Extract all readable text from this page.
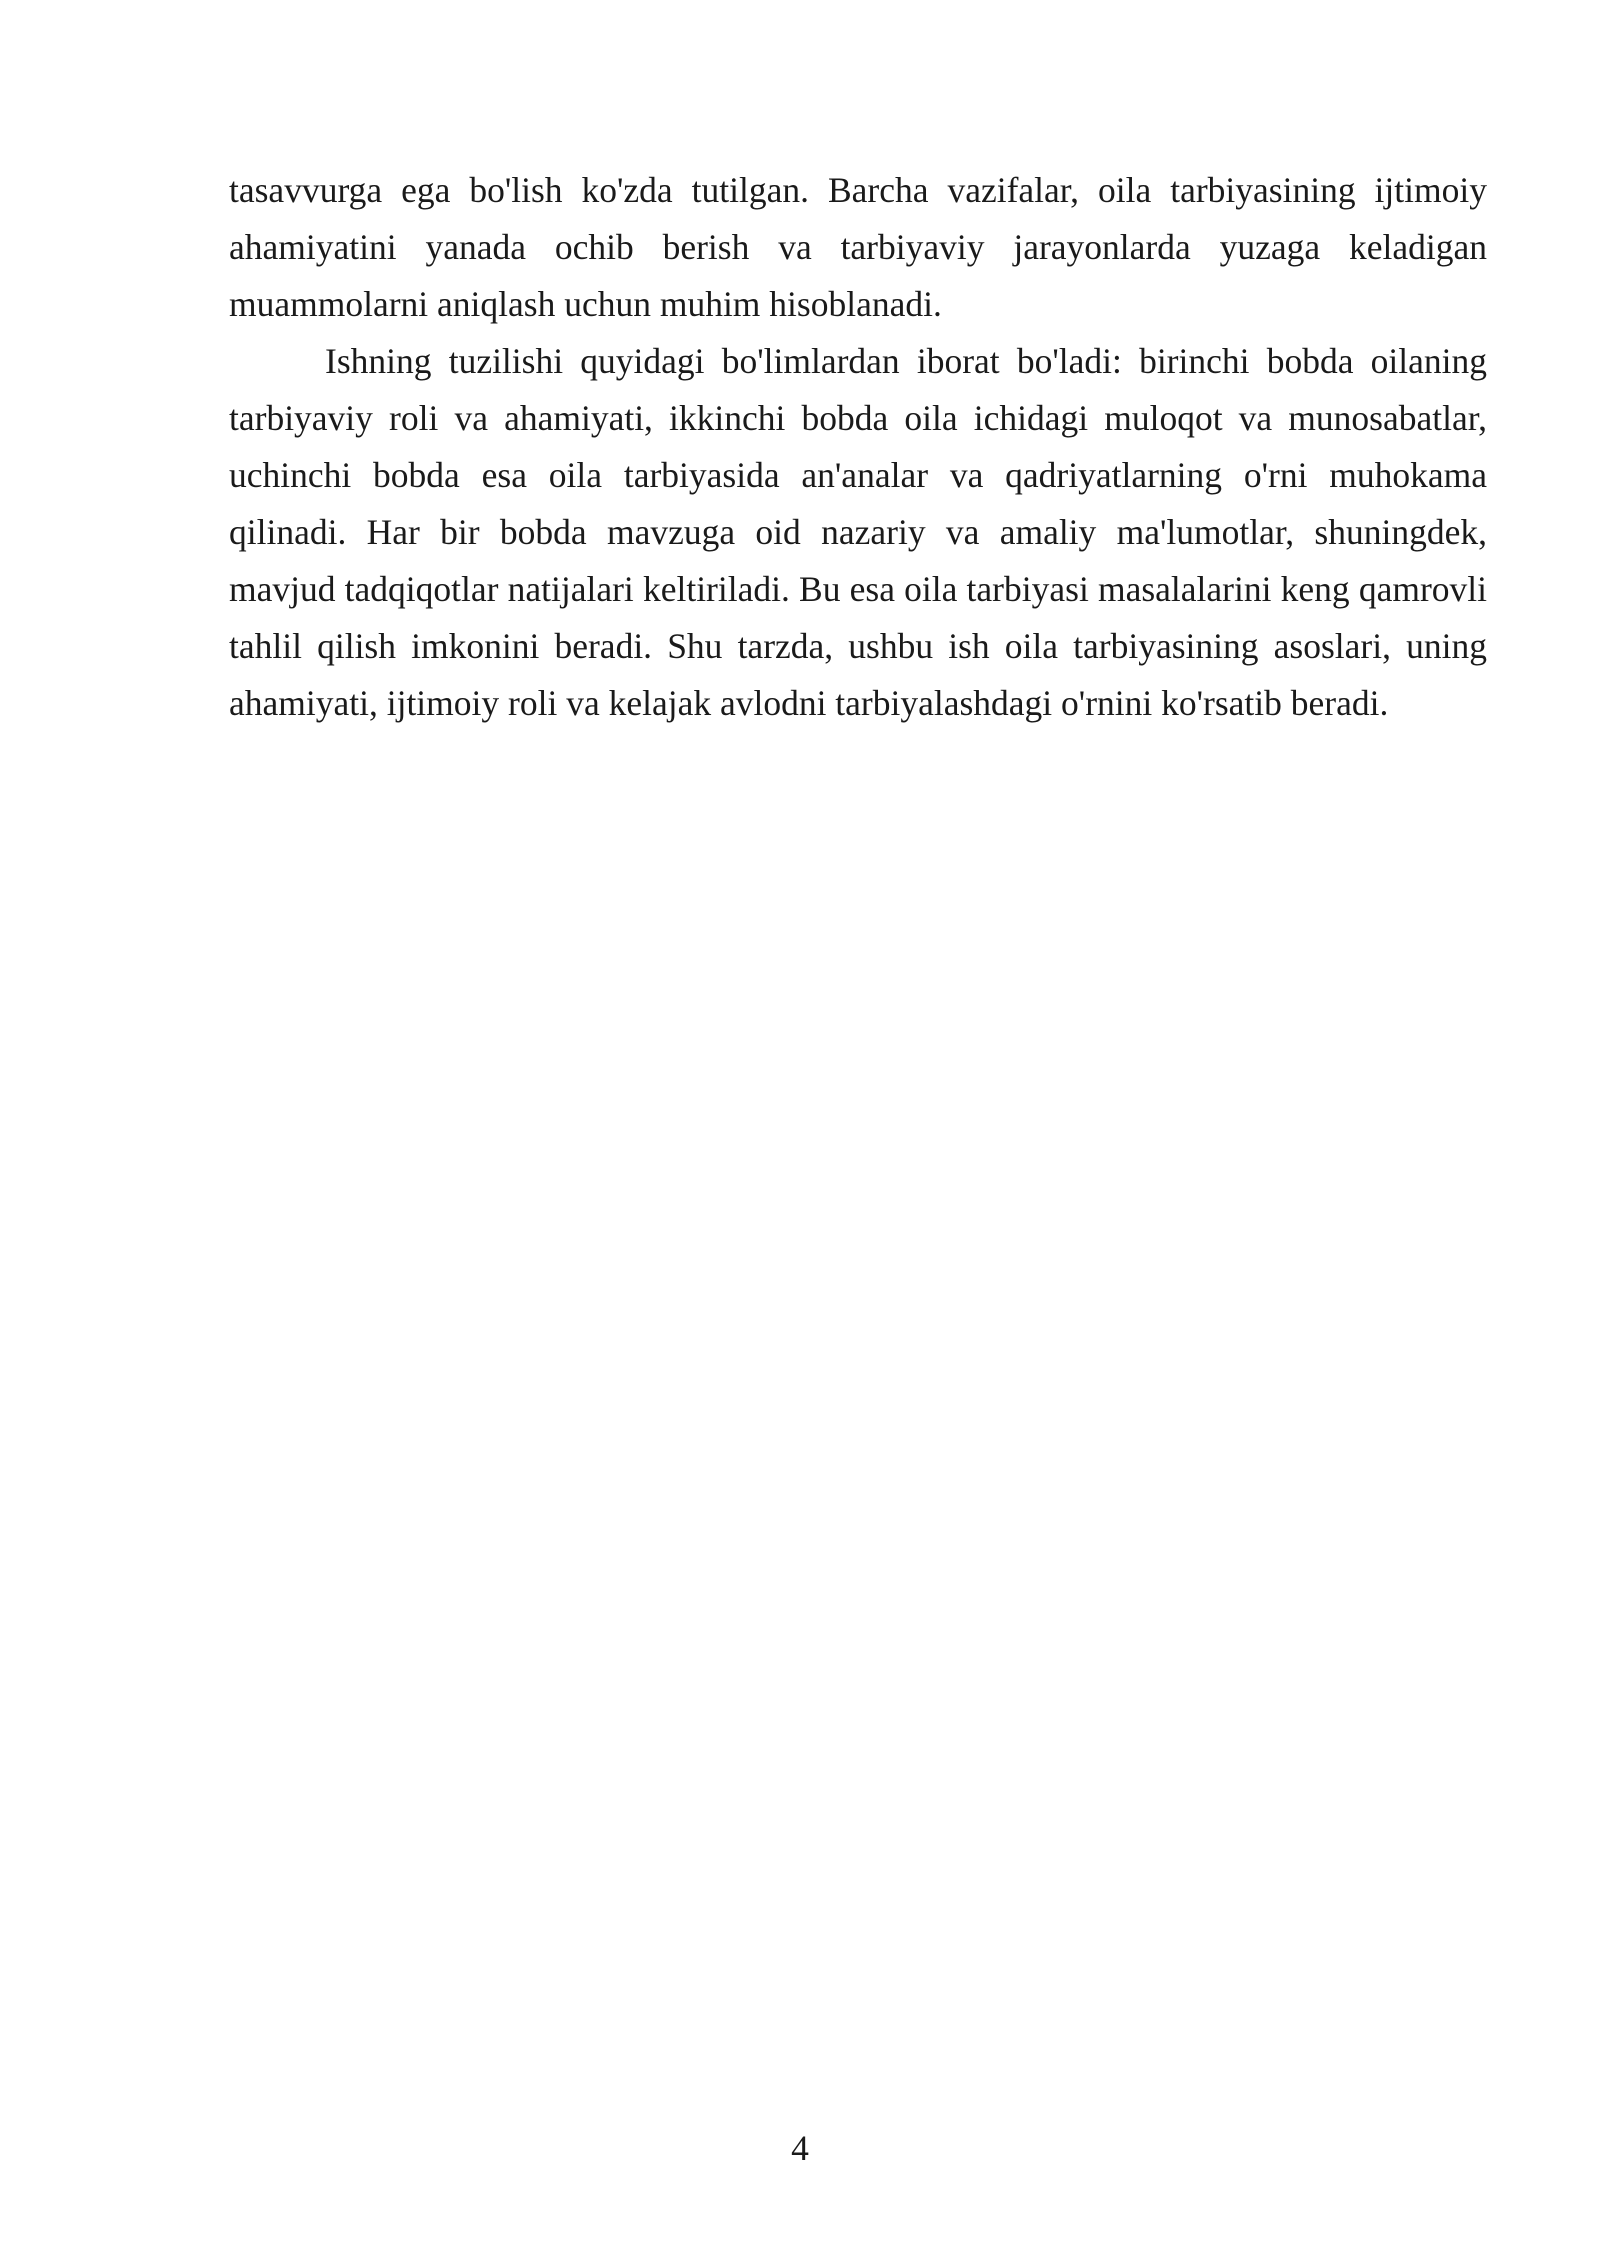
tasavvurga ega bo'lish ko'zda tutilgan. Barcha vazifalar, oila tarbiyasining ijtimoiy ahamiyatini yanada ochib berish va tarbiyaviy jarayonlarda yuzaga keladigan muammolarni aniqlash uchun muhim hisoblanadi.

Ishning tuzilishi quyidagi bo'limlardan iborat bo'ladi: birinchi bobda oilaning tarbiyaviy roli va ahamiyati, ikkinchi bobda oila ichidagi muloqot va munosabatlar, uchinchi bobda esa oila tarbiyasida an'analar va qadriyatlarning o'rni muhokama qilinadi. Har bir bobda mavzuga oid nazariy va amaliy ma'lumotlar, shuningdek, mavjud tadqiqotlar natijalari keltiriladi. Bu esa oila tarbiyasi masalalarini keng qamrovli tahlil qilish imkonini beradi. Shu tarzda, ushbu ish oila tarbiyasining asoslari, uning ahamiyati, ijtimoiy roli va kelajak avlodni tarbiyalashdagi o'rnini ko'rsatib beradi.

4
